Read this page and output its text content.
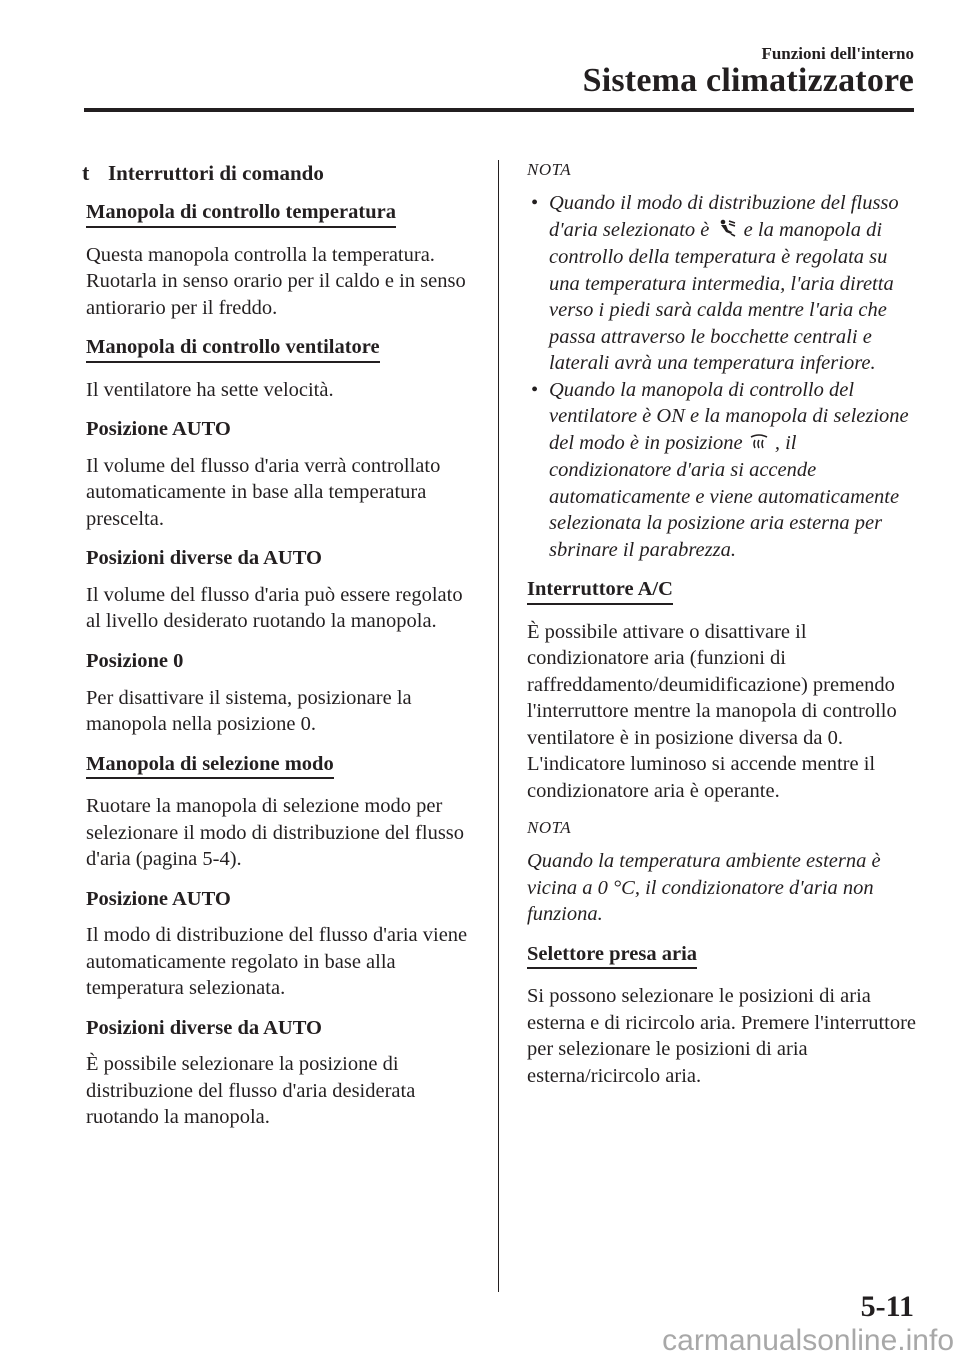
Funzioni dell'interno
Sistema climatizzatore
t Interruttori di comando
Manopola di controllo temperatura

Questa manopola controlla la temperatura. Ruotarla in senso orario per il caldo e in senso antiorario per il freddo.

Manopola di controllo ventilatore

Il ventilatore ha sette velocità.

Posizione AUTO

Il volume del flusso d'aria verrà controllato automaticamente in base alla temperatura prescelta.

Posizioni diverse da AUTO

Il volume del flusso d'aria può essere regolato al livello desiderato ruotando la manopola.

Posizione 0

Per disattivare il sistema, posizionare la manopola nella posizione 0.

Manopola di selezione modo

Ruotare la manopola di selezione modo per selezionare il modo di distribuzione del flusso d'aria (pagina 5-4).

Posizione AUTO

Il modo di distribuzione del flusso d'aria viene automaticamente regolato in base alla temperatura selezionata.

Posizioni diverse da AUTO

È possibile selezionare la posizione di distribuzione del flusso d'aria desiderata ruotando la manopola.

NOTA
• Quando il modo di distribuzione del flusso d'aria selezionato è e la manopola di controllo della temperatura è regolata su una temperatura intermedia, l'aria diretta verso i piedi sarà calda mentre l'aria che passa attraverso le bocchette centrali e laterali avrà una temperatura inferiore.
• Quando la manopola di controllo del ventilatore è ON e la manopola di selezione del modo è in posizione , il condizionatore d'aria si accende automaticamente e viene automaticamente selezionata la posizione aria esterna per sbrinare il parabrezza.
Interruttore A/C

È possibile attivare o disattivare il condizionatore aria (funzioni di raffreddamento/deumidificazione) premendo l'interruttore mentre la manopola di controllo ventilatore è in posizione diversa da 0.

L'indicatore luminoso si accende mentre il condizionatore aria è operante.

NOTA

Quando la temperatura ambiente esterna è vicina a 0 °C, il condizionatore d'aria non funziona.

Selettore presa aria

Si possono selezionare le posizioni di aria esterna e di ricircolo aria. Premere l'interruttore per selezionare le posizioni di aria esterna/ricircolo aria.

5-11
carmanualsonline.info
